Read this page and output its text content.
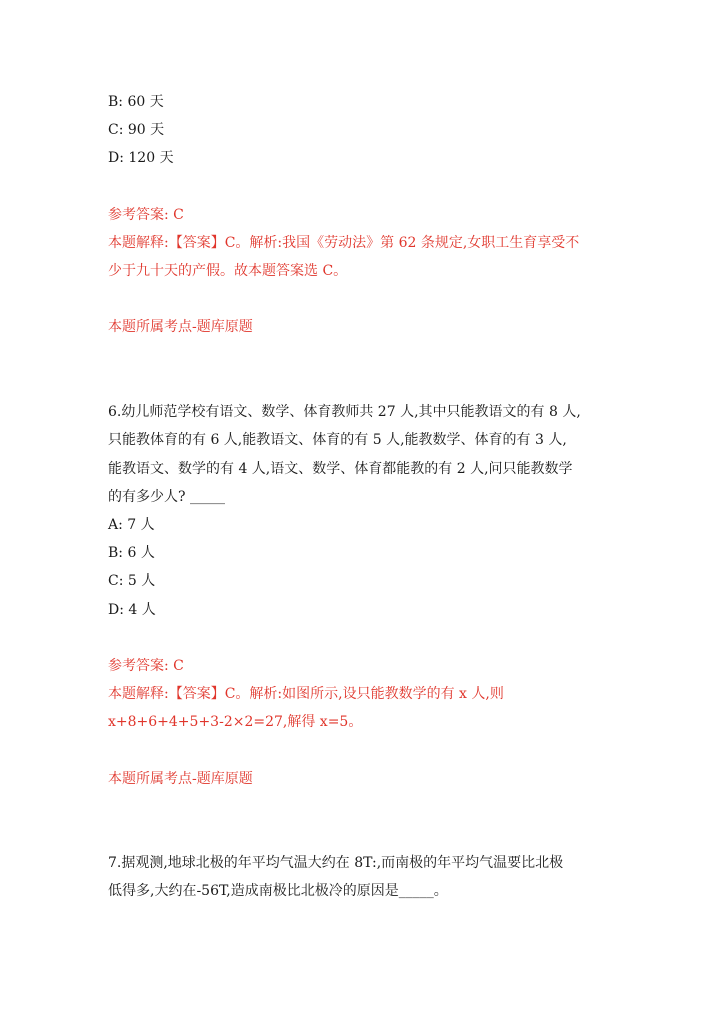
B: 60 天
C: 90 天
D: 120 天
参考答案: C
本题解释:【答案】C。解析:我国《劳动法》第 62 条规定,女职工生育享受不
少于九十天的产假。故本题答案选 C。
本题所属考点-题库原题
6.幼儿师范学校有语文、数学、体育教师共 27 人,其中只能教语文的有 8 人,
只能教体育的有 6 人,能教语文、体育的有 5 人,能教数学、体育的有 3 人,
能教语文、数学的有 4 人,语文、数学、体育都能教的有 2 人,问只能教数学
的有多少人? _____
A: 7 人
B: 6 人
C: 5 人
D: 4 人
参考答案: C
本题解释:【答案】C。解析:如图所示,设只能教数学的有 x 人,则
x+8+6+4+5+3-2×2=27,解得 x=5。
本题所属考点-题库原题
7.据观测,地球北极的年平均气温大约在 8T:,而南极的年平均气温要比北极
低得多,大约在-56T,造成南极比北极冷的原因是_____。
